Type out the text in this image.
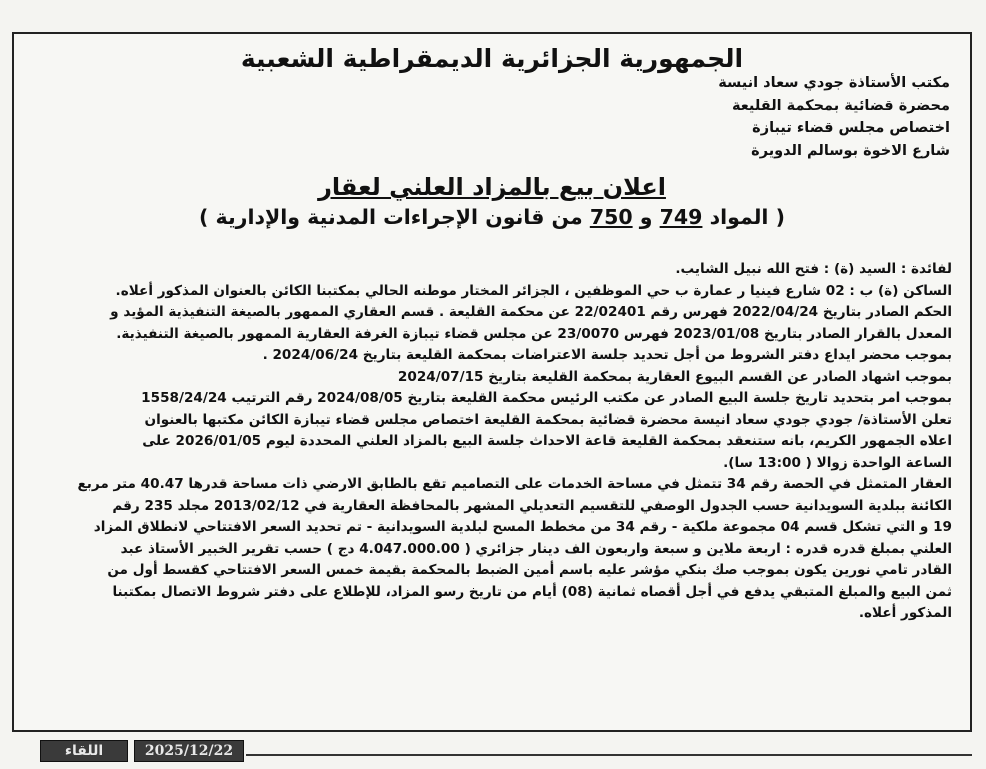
الجمهورية الجزائرية الديمقراطية الشعبية
مكتب الأستاذة جودي سعاد انيسة
محضرة قضائية بمحكمة القليعة
اختصاص مجلس قضاء تيبازة
شارع الاخوة بوسالم الدويرة
اعلان بيع بالمزاد العلني لعقار
( المواد 749 و 750 من قانون الإجراءات المدنية والإدارية )
لفائدة : السيد (ة) : فتح الله نبيل الشايب.
الساكن (ة) ب : 02 شارع فينيا ر عمارة ب حي الموظفين ، الجزائر المختار موطنه الحالي بمكتبنا الكائن بالعنوان المذكور أعلاه.
الحكم الصادر بتاريخ 2022/04/24 فهرس رقم 22/02401 عن محكمة القليعة . قسم العقاري الممهور بالصيغة التنفيذية المؤيد و
المعدل بالقرار الصادر بتاريخ 2023/01/08 فهرس 23/0070 عن مجلس قضاء تيبازة الغرفة العقارية الممهور بالصيغة التنفيذية.
بموجب محضر ايداع دفتر الشروط من أجل تحديد جلسة الاعتراضات بمحكمة القليعة بتاريخ 2024/06/24 .
بموجب اشهاد الصادر عن القسم البيوع العقارية بمحكمة القليعة بتاريخ 2024/07/15
بموجب امر بتحديد تاريخ جلسة البيع الصادر عن مكتب الرئيس محكمة القليعة بتاريخ 2024/08/05 رقم الترتيب 1558/24/24
تعلن الأستاذة/ جودي جودي سعاد انيسة محضرة قضائية بمحكمة القليعة اختصاص مجلس قضاء تيبازة الكائن مكتبها بالعنوان
اعلاه الجمهور الكريم، بانه ستنعقد بمحكمة القليعة قاعة الاحداث جلسة البيع بالمزاد العلني المحددة ليوم 2026/01/05 على
الساعة الواحدة زوالا ( 13:00 سا).
العقار المتمثل في الحصة رقم 34 تتمثل في مساحة الخدمات على التصاميم تقع بالطابق الارضي ذات مساحة قدرها 40.47 متر مربع
الكائنة ببلدية السويدانية حسب الجدول الوصفي للتقسيم التعديلي المشهر بالمحافظة العقارية في 2013/02/12 مجلد 235 رقم
19 و التي تشكل قسم 04 مجموعة ملكية - رقم 34 من مخطط المسح لبلدية السويدانية - تم تحديد السعر الافتتاحي لانطلاق المزاد
العلني بمبلغ قدره قدره : اربعة ملاين و سبعة واربعون الف دينار جزائري ( 4.047.000.00 دج ) حسب تقرير الخبير الأستاذ عبد
القادر تامي نورين يكون بموجب صك بنكي مؤشر عليه باسم أمين الضبط بالمحكمة بقيمة خمس السعر الافتتاحي كقسط أول من
ثمن البيع والمبلغ المتبقي يدفع في أجل أقصاه ثمانية (08) أيام من تاريخ رسو المزاد، للإطلاع على دفتر شروط الاتصال بمكتبنا
المذكور أعلاه.
اللقاء	2025/12/22
